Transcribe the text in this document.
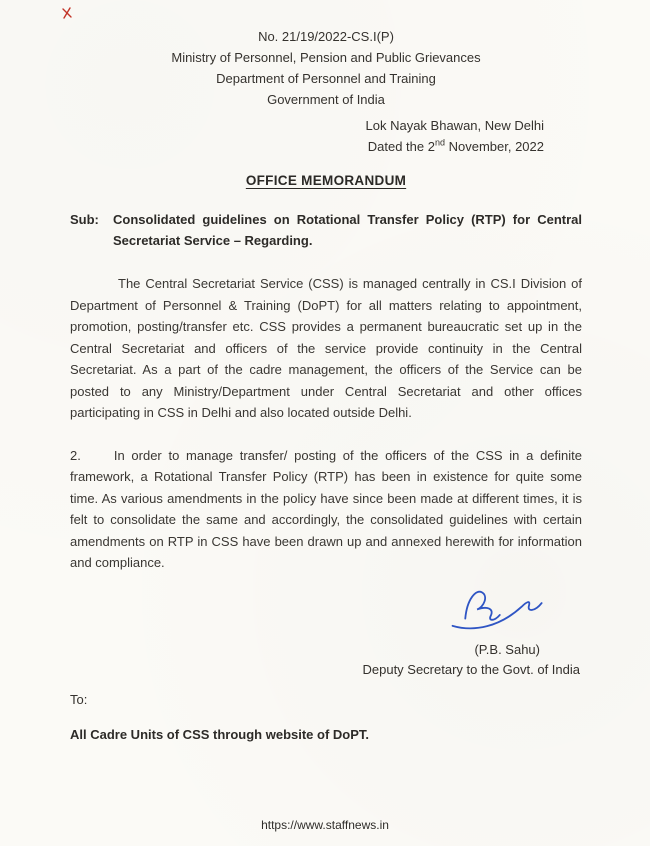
No. 21/19/2022-CS.I(P)
Ministry of Personnel, Pension and Public Grievances
Department of Personnel and Training
Government of India
Lok Nayak Bhawan, New Delhi
Dated the 2nd November, 2022
OFFICE MEMORANDUM
Sub:	Consolidated guidelines on Rotational Transfer Policy (RTP) for Central Secretariat Service – Regarding.

The Central Secretariat Service (CSS) is managed centrally in CS.I Division of Department of Personnel & Training (DoPT) for all matters relating to appointment, promotion, posting/transfer etc. CSS provides a permanent bureaucratic set up in the Central Secretariat and officers of the service provide continuity in the Central Secretariat. As a part of the cadre management, the officers of the Service can be posted to any Ministry/Department under Central Secretariat and other offices participating in CSS in Delhi and also located outside Delhi.

2.	In order to manage transfer/ posting of the officers of the CSS in a definite framework, a Rotational Transfer Policy (RTP) has been in existence for quite some time. As various amendments in the policy have since been made at different times, it is felt to consolidate the same and accordingly, the consolidated guidelines with certain amendments on RTP in CSS have been drawn up and annexed herewith for information and compliance.

(P.B. Sahu)
Deputy Secretary to the Govt. of India
To:
All Cadre Units of CSS through website of DoPT.
https://www.staffnews.in
